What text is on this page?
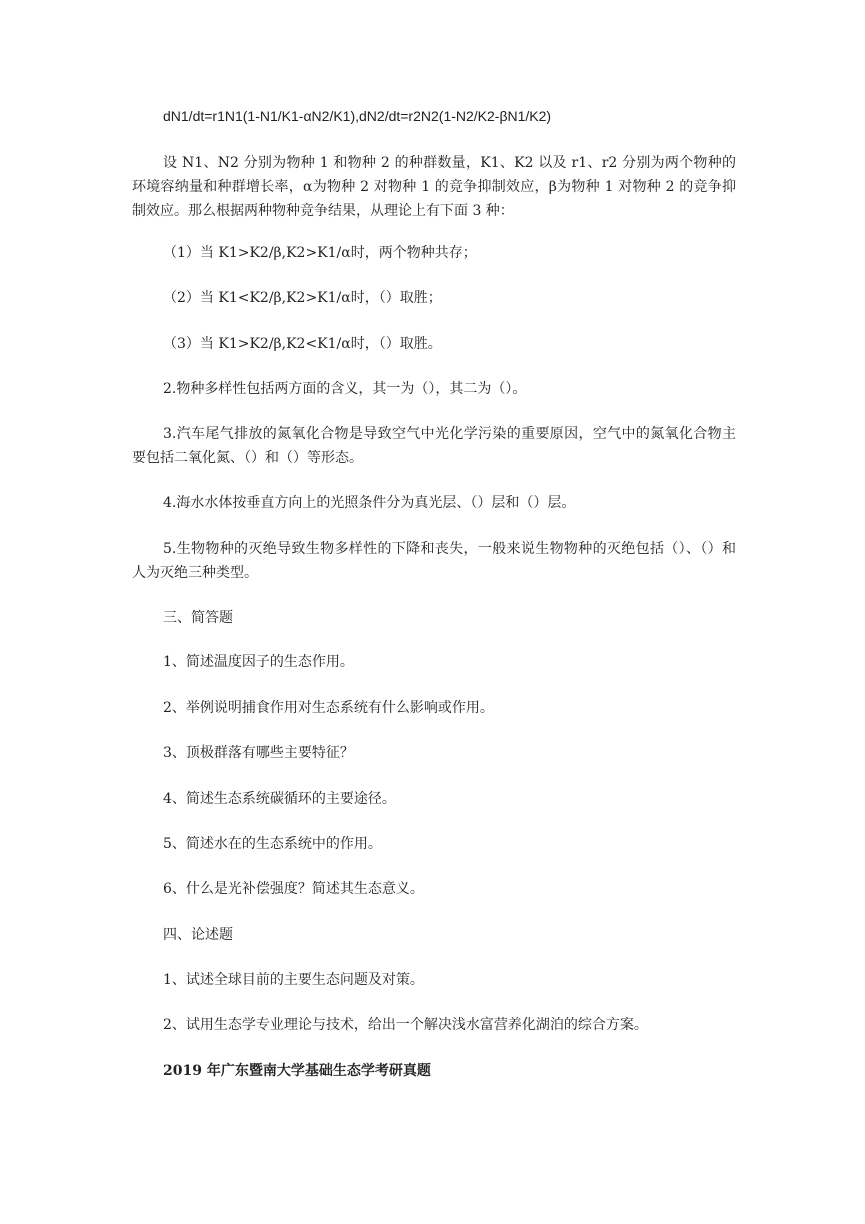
dN1/dt=r1N1(1-N1/K1-αN2/K1),dN2/dt=r2N2(1-N2/K2-βN1/K2)

设 N1、N2 分别为物种 1 和物种 2 的种群数量，K1、K2 以及 r1、r2 分别为两个物种的环境容纳量和种群增长率，α为物种 2 对物种 1 的竞争抑制效应，β为物种 1 对物种 2 的竞争抑制效应。那么根据两种物种竞争结果，从理论上有下面 3 种：

（1）当 K1>K2/β,K2>K1/α时，两个物种共存；

（2）当 K1<K2/β,K2>K1/α时，（）取胜；

（3）当 K1>K2/β,K2<K1/α时，（）取胜。

2.物种多样性包括两方面的含义，其一为（），其二为（）。

3.汽车尾气排放的氮氧化合物是导致空气中光化学污染的重要原因，空气中的氮氧化合物主要包括二氧化氮、（）和（）等形态。

4.海水水体按垂直方向上的光照条件分为真光层、（）层和（）层。

5.生物物种的灭绝导致生物多样性的下降和丧失，一般来说生物物种的灭绝包括（）、（）和人为灭绝三种类型。

三、简答题

1、简述温度因子的生态作用。

2、举例说明捕食作用对生态系统有什么影响或作用。

3、顶极群落有哪些主要特征？

4、简述生态系统碳循环的主要途径。

5、简述水在的生态系统中的作用。

6、什么是光补偿强度？简述其生态意义。

四、论述题

1、试述全球目前的主要生态问题及对策。

2、试用生态学专业理论与技术，给出一个解决浅水富营养化湖泊的综合方案。

2019 年广东暨南大学基础生态学考研真题
